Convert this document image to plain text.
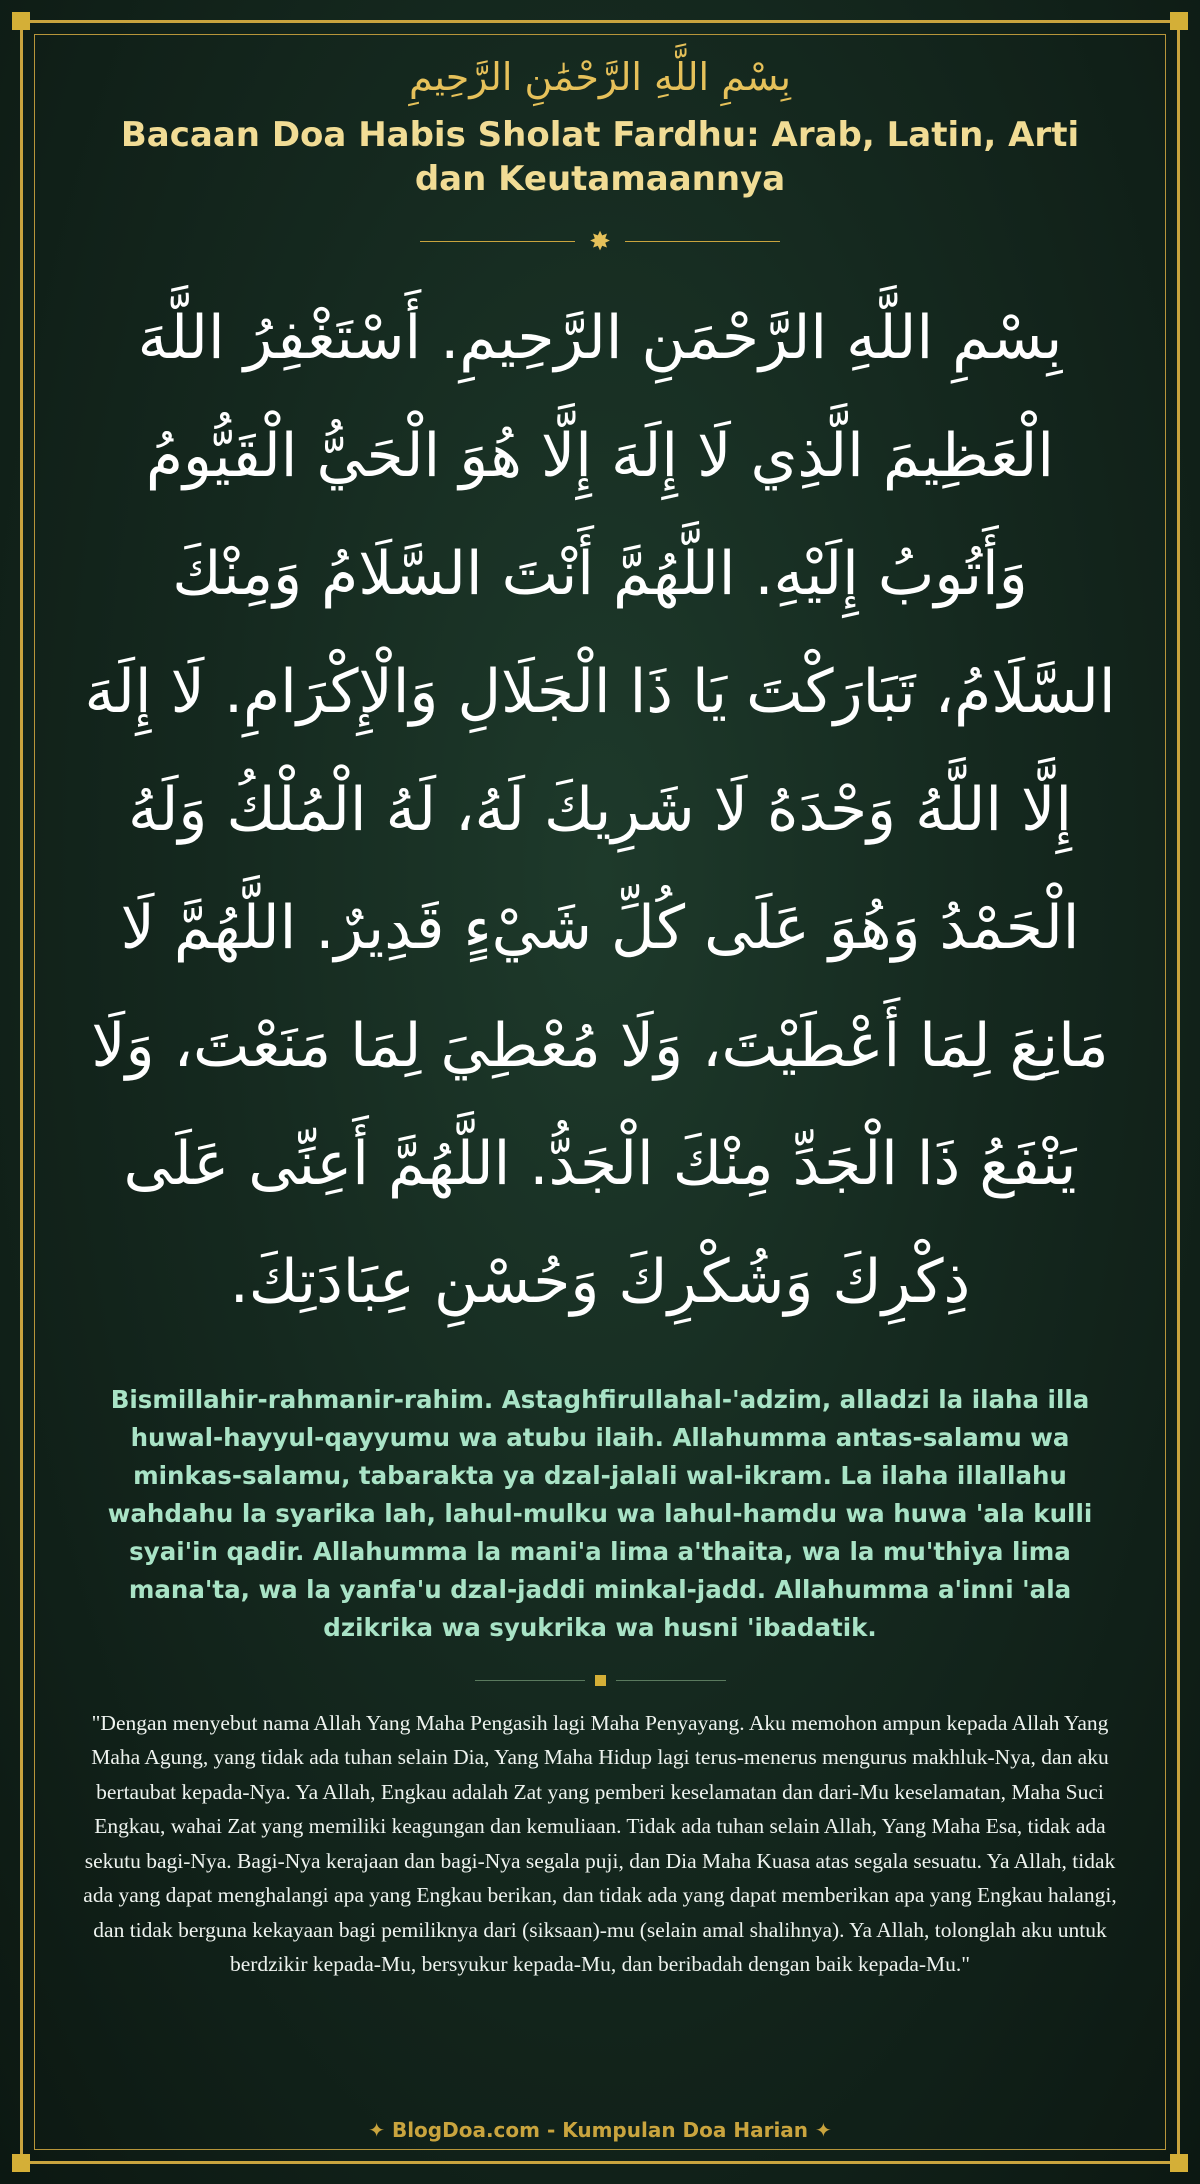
بِسْمِ اللَّهِ الرَّحْمَٰنِ الرَّحِيمِ
Bacaan Doa Habis Sholat Fardhu: Arab, Latin, Arti dan Keutamaannya
✸
بِسْمِ اللَّهِ الرَّحْمَنِ الرَّحِيمِ. أَسْتَغْفِرُ اللَّهَ الْعَظِيمَ الَّذِي لَا إِلَهَ إِلَّا هُوَ الْحَيُّ الْقَيُّومُ وَأَتُوبُ إِلَيْهِ. اللَّهُمَّ أَنْتَ السَّلَامُ وَمِنْكَ السَّلَامُ، تَبَارَكْتَ يَا ذَا الْجَلَالِ وَالْإِكْرَامِ. لَا إِلَهَ إِلَّا اللَّهُ وَحْدَهُ لَا شَرِيكَ لَهُ، لَهُ الْمُلْكُ وَلَهُ الْحَمْدُ وَهُوَ عَلَى كُلِّ شَيْءٍ قَدِيرٌ. اللَّهُمَّ لَا مَانِعَ لِمَا أَعْطَيْتَ، وَلَا مُعْطِيَ لِمَا مَنَعْتَ، وَلَا يَنْفَعُ ذَا الْجَدِّ مِنْكَ الْجَدُّ. اللَّهُمَّ أَعِنِّى عَلَى ذِكْرِكَ وَشُكْرِكَ وَحُسْنِ عِبَادَتِكَ.
Bismillahir-rahmanir-rahim. Astaghfirullahal-'adzim, alladzi la ilaha illa huwal-hayyul-qayyumu wa atubu ilaih. Allahumma antas-salamu wa minkas-salamu, tabarakta ya dzal-jalali wal-ikram. La ilaha illallahu wahdahu la syarika lah, lahul-mulku wa lahul-hamdu wa huwa 'ala kulli syai'in qadir. Allahumma la mani'a lima a'thaita, wa la mu'thiya lima mana'ta, wa la yanfa'u dzal-jaddi minkal-jadd. Allahumma a'inni 'ala dzikrika wa syukrika wa husni 'ibadatik.
"Dengan menyebut nama Allah Yang Maha Pengasih lagi Maha Penyayang. Aku memohon ampun kepada Allah Yang Maha Agung, yang tidak ada tuhan selain Dia, Yang Maha Hidup lagi terus-menerus mengurus makhluk-Nya, dan aku bertaubat kepada-Nya. Ya Allah, Engkau adalah Zat yang pemberi keselamatan dan dari-Mu keselamatan, Maha Suci Engkau, wahai Zat yang memiliki keagungan dan kemuliaan. Tidak ada tuhan selain Allah, Yang Maha Esa, tidak ada sekutu bagi-Nya. Bagi-Nya kerajaan dan bagi-Nya segala puji, dan Dia Maha Kuasa atas segala sesuatu. Ya Allah, tidak ada yang dapat menghalangi apa yang Engkau berikan, dan tidak ada yang dapat memberikan apa yang Engkau halangi, dan tidak berguna kekayaan bagi pemiliknya dari (siksaan)-mu (selain amal shalihnya). Ya Allah, tolonglah aku untuk berdzikir kepada-Mu, bersyukur kepada-Mu, dan beribadah dengan baik kepada-Mu."
✦ BlogDoa.com - Kumpulan Doa Harian ✦
